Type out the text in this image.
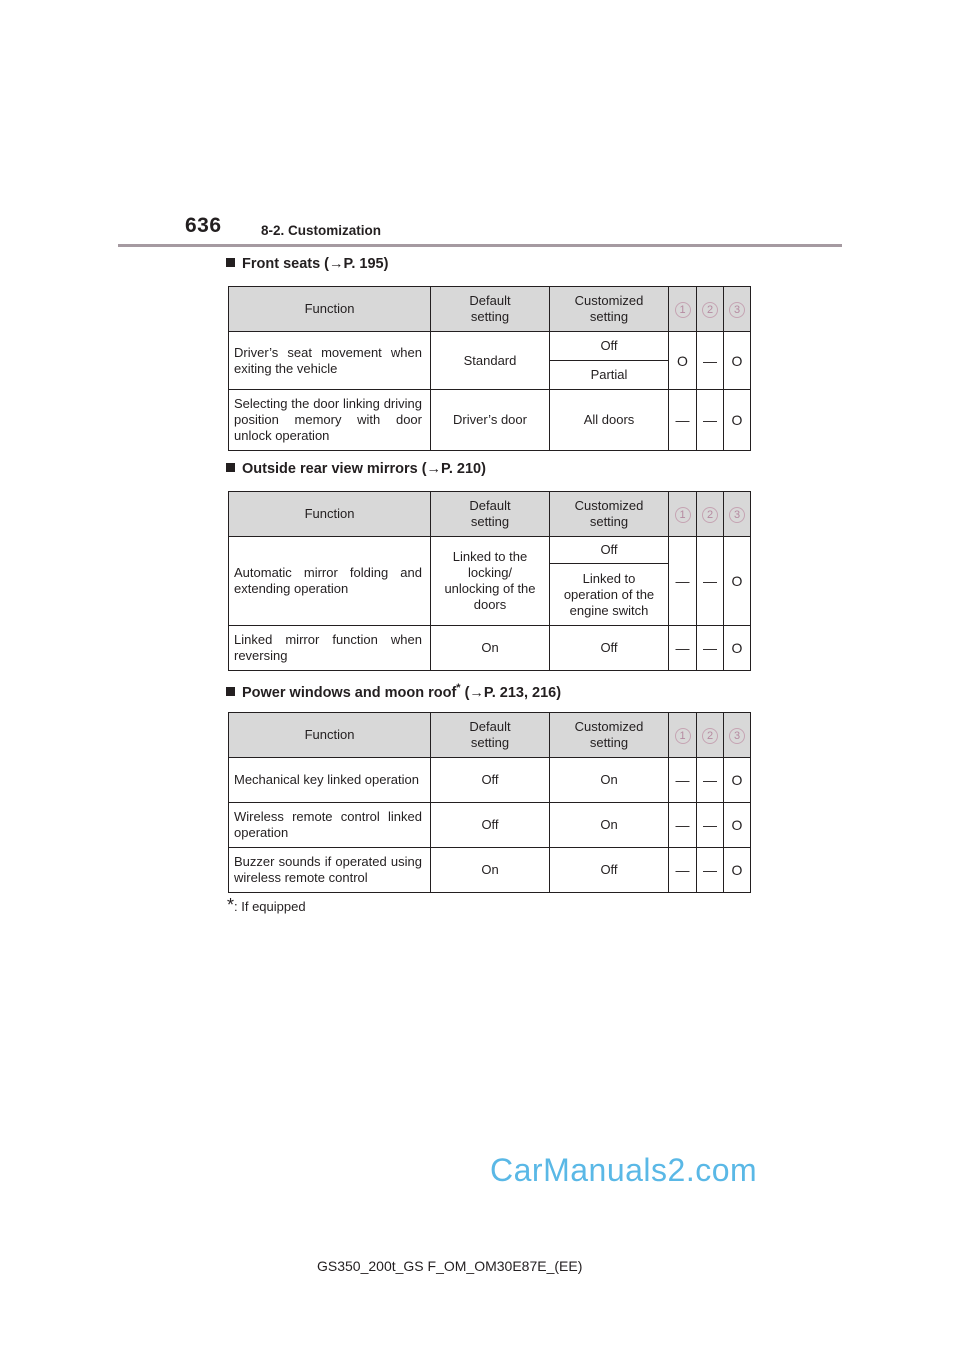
636	8-2. Customization
Front seats (→P. 195)
Function	Default setting	Customized setting	1	2	3
Driver’s seat movement when exiting the vehicle	Standard	Off	O	—	O
		Partial			
Selecting the door linking driving position memory with door unlock operation	Driver’s door	All doors	—	—	O
Outside rear view mirrors (→P. 210)
Function	Default setting	Customized setting	1	2	3
Automatic mirror folding and extending operation	Linked to the locking/ unlocking of the doors	Off	—	—	O

		Linked to operation of the engine switch			

Linked mirror function when reversing	On	Off	—	—	O
Power windows and moon roof* (→P. 213, 216)
Function	Default setting	Customized setting	1	2	3
Mechanical key linked operation	Off	On	—	—	O
Wireless remote control linked operation	Off	On	—	—	O
Buzzer sounds if operated using wireless remote control	On	Off	—	—	O
*: If equipped
CarManuals2.com
GS350_200t_GS F_OM_OM30E87E_(EE)
